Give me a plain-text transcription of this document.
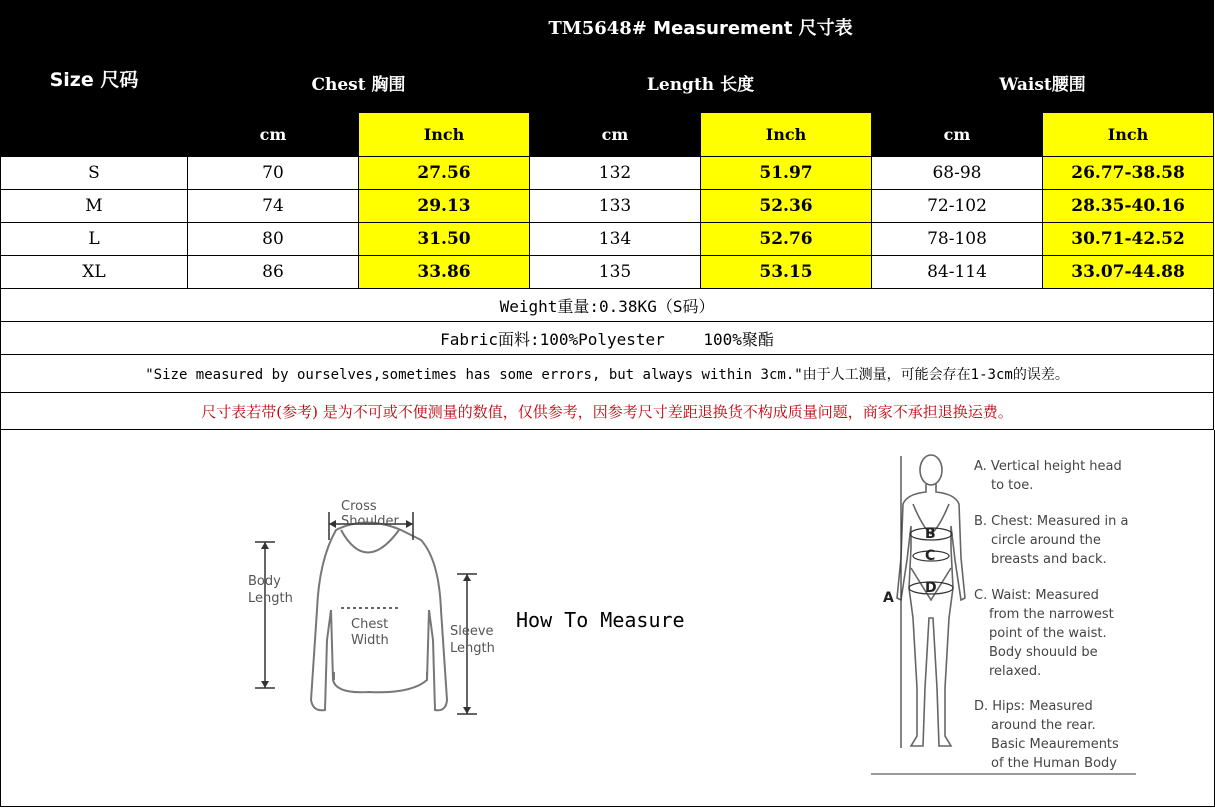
Size 尺码	TM5648# Measurement 尺寸表					
	Chest 胸围		Length 长度		Waist腰围	
	cm	Inch	cm	Inch	cm	Inch
S	70	27.56	132	51.97	68-98	26.77-38.58
M	74	29.13	133	52.36	72-102	28.35-40.16
L	80	31.50	134	52.76	78-108	30.71-42.52
XL	86	33.86	135	53.15	84-114	33.07-44.88
Weight重量:0.38KG（S码）						
Fabric面料:100%Polyester    100%聚酯						
"Size measured by ourselves,sometimes has some errors, but always within 3cm."由于人工测量，可能会存在1-3cm的误差。						
尺寸表若带(参考) 是为不可或不便测量的数值，仅供参考，因参考尺寸差距退换货不构成质量问题，商家不承担退换运费。						
Cross
Shoulder
Body
Length
Chest
Width
Sleeve
Length
How To Measure
B
C
D
A
A. Vertical height head
to toe.
B. Chest: Measured in a
circle around the
breasts and back.
C. Waist: Measured
from the narrowest
point of the waist.
Body shouuld be
relaxed.
D. Hips: Measured
around the rear.
Basic Meaurements
of the Human Body
